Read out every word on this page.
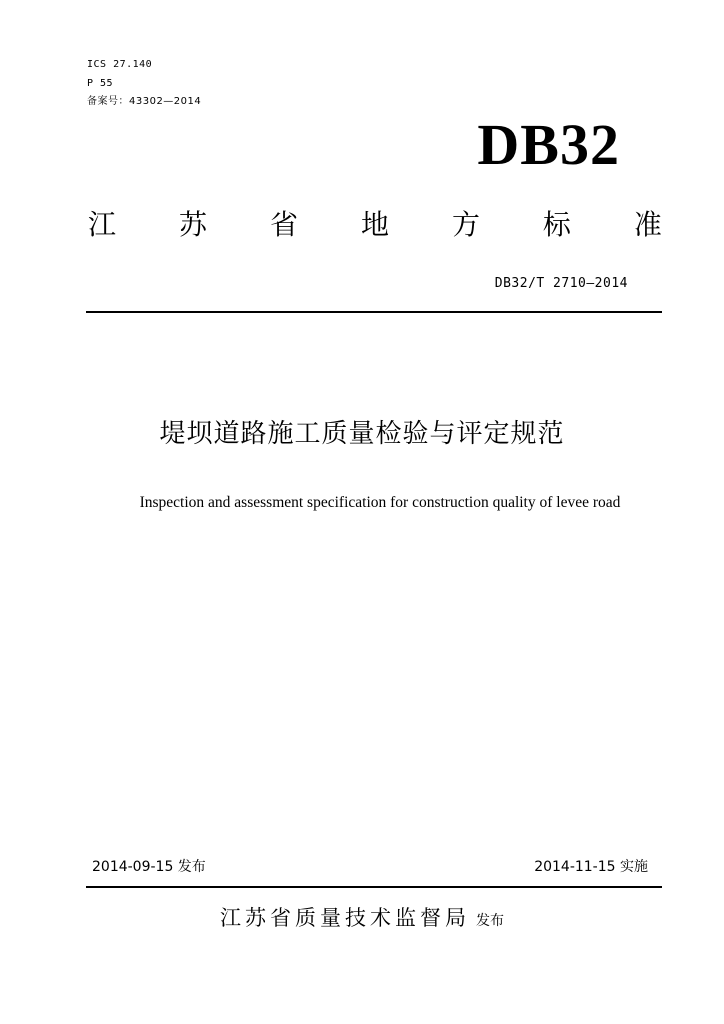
ICS 27.140
P 55
备案号：43302—2014
DB32
江 苏 省 地 方 标 准
DB32/T 2710—2014
堤坝道路施工质量检验与评定规范
Inspection and assessment specification for construction quality of levee road
2014-09-15 发布	2014-11-15 实施
江苏省质量技术监督局 发布
